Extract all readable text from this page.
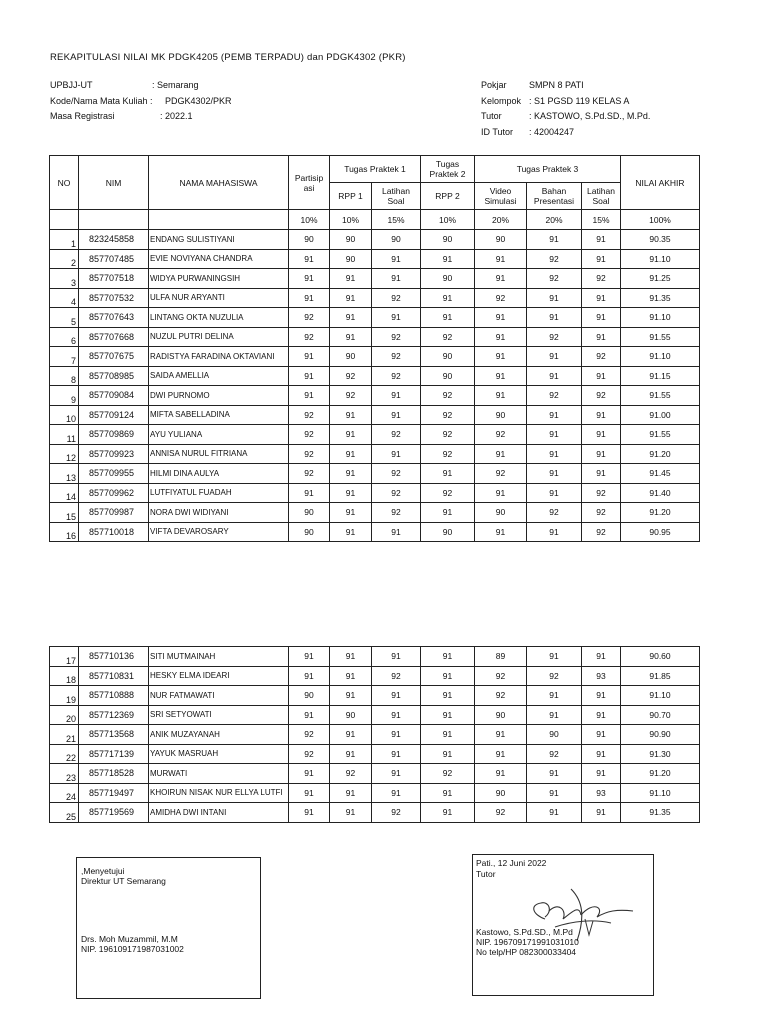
REKAPITULASI NILAI MK PDGK4205 (PEMB TERPADU) dan PDGK4302 (PKR)
UPBJJ-UT	: Semarang
Kode/Nama Mata Kuliah : PDGK4302/PKR
Masa Registrasi	: 2022.1
Pokjar SMPN 8 PATI
Kelompok : S1 PGSD 119 KELAS A
Tutor	: KASTOWO, S.Pd.SD., M.Pd.
ID Tutor : 42004247
NO	NIM	NAMA MAHASISWA	Partisip asi	Tugas Praktek 1		Tugas Praktek 2	Tugas Praktek 3			NILAI AKHIR
				RPP 1	Latihan Soal	RPP 2	Video Simulasi	Bahan Presentasi	Latihan Soal	
			10%	10%	15%	10%	20%	20%	15%	100%
1	823245858	ENDANG SULISTIYANI	90	90	90	90	90	91	91	90.35
2	857707485	EVIE NOVIYANA CHANDRA	91	90	91	91	91	92	91	91.10
3	857707518	WIDYA PURWANINGSIH	91	91	91	90	91	92	92	91.25
4	857707532	ULFA NUR ARYANTI	91	91	92	91	92	91	91	91.35
5	857707643	LINTANG OKTA NUZULIA	92	91	91	91	91	91	91	91.10
6	857707668	NUZUL PUTRI DELINA	92	91	92	92	91	92	91	91.55
7	857707675	RADISTYA FARADINA OKTAVIANI	91	90	92	90	91	91	92	91.10
8	857708985	SAIDA AMELLIA	91	92	92	90	91	91	91	91.15
9	857709084	DWI PURNOMO	91	92	91	92	91	92	92	91.55
10	857709124	MIFTA SABELLADINA	92	91	91	92	90	91	91	91.00
11	857709869	AYU YULIANA	92	91	92	92	92	91	91	91.55
12	857709923	ANNISA NURUL FITRIANA	92	91	91	92	91	91	91	91.20
13	857709955	HILMI DINA AULYA	92	91	92	91	92	91	91	91.45
14	857709962	LUTFIYATUL FUADAH	91	91	92	92	91	91	92	91.40
15	857709987	NORA DWI WIDIYANI	90	91	92	91	90	92	92	91.20
16	857710018	VIFTA DEVAROSARY	90	91	91	90	91	91	92	90.95
17	857710136	SITI MUTMAINAH	91	91	91	91	89	91	91	90.60
18	857710831	HESKY ELMA IDEARI	91	91	92	91	92	92	93	91.85
19	857710888	NUR FATMAWATI	90	91	91	91	92	91	91	91.10
20	857712369	SRI SETYOWATI	91	90	91	91	90	91	91	90.70
21	857713568	ANIK MUZAYANAH	92	91	91	91	91	90	91	90.90
22	857717139	YAYUK MASRUAH	92	91	91	91	91	92	91	91.30
23	857718528	MURWATI	91	92	91	92	91	91	91	91.20
24	857719497	KHOIRUN NISAK NUR ELLYA LUTFI	91	91	91	91	90	91	93	91.10
25	857719569	AMIDHA DWI INTANI	91	91	92	91	92	91	91	91.35
,Menyetujui
Direktur UT Semarang
Drs. Moh Muzammil, M.M
NIP. 196109171987031002
Pati., 12 Juni 2022
Tutor
Kastowo, S.Pd.SD., M.Pd
NIP. 196709171991031010
No telp/HP 082300033404
